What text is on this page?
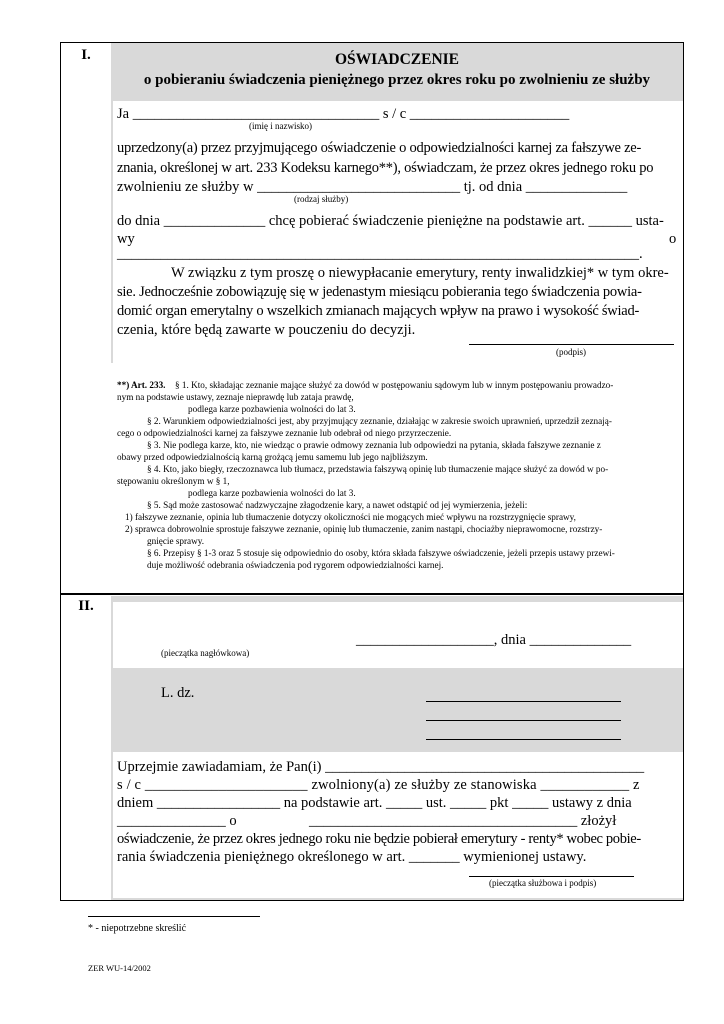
I.	OŚWIADCZENIE
o pobieraniu świadczenia pieniężnego przez okres roku po zwolnieniu ze służby
Ja __________________________________ s / c ______________________
(imię i nazwisko)
uprzedzony(a) przez przyjmującego oświadczenie o odpowiedzialności karnej za fałszywe ze-
znania, określonej w art. 233 Kodeksu karnego**), oświadczam, że przez okres jednego roku po
zwolnieniu ze służby w ____________________________ tj. od dnia ______________
(rodzaj służby)
do dnia ______________ chcę pobierać świadczenie pieniężne na podstawie art. ______ usta-
wy	o
________________________________________________________________________.
W związku z tym proszę o niewypłacanie emerytury, renty inwalidzkiej* w tym okre-
sie. Jednocześnie zobowiązuję się w jedenastym miesiącu pobierania tego świadczenia powia-
domić organ emerytalny o wszelkich zmianach mających wpływ na prawo i wysokość świad-
czenia, które będą zawarte w pouczeniu do decyzji.
(podpis)
**) Art. 233. § 1. Kto, składając zeznanie mające służyć za dowód w postępowaniu sądowym lub w innym postępowaniu prowadzo-
nym na podstawie ustawy, zeznaje nieprawdę lub zataja prawdę,
podlega karze pozbawienia wolności do lat 3.
§ 2. Warunkiem odpowiedzialności jest, aby przyjmujący zeznanie, działając w zakresie swoich uprawnień, uprzedził zeznają-
cego o odpowiedzialności karnej za fałszywe zeznanie lub odebrał od niego przyrzeczenie.
§ 3. Nie podlega karze, kto, nie wiedząc o prawie odmowy zeznania lub odpowiedzi na pytania, składa fałszywe zeznanie z
obawy przed odpowiedzialnością karną grożącą jemu samemu lub jego najbliższym.
§ 4. Kto, jako biegły, rzeczoznawca lub tłumacz, przedstawia fałszywą opinię lub tłumaczenie mające służyć za dowód w po-
stępowaniu określonym w § 1,
podlega karze pozbawienia wolności do lat 3.
§ 5. Sąd może zastosować nadzwyczajne złagodzenie kary, a nawet odstąpić od jej wymierzenia, jeżeli:
1) fałszywe zeznanie, opinia lub tłumaczenie dotyczy okoliczności nie mogących mieć wpływu na rozstrzygnięcie sprawy,
2) sprawca dobrowolnie sprostuje fałszywe zeznanie, opinię lub tłumaczenie, zanim nastąpi, chociażby nieprawomocne, rozstrzy-
gnięcie sprawy.
§ 6. Przepisy § 1-3 oraz 5 stosuje się odpowiednio do osoby, która składa fałszywe oświadczenie, jeżeli przepis ustawy przewi-
duje możliwość odebrania oświadczenia pod rygorem odpowiedzialności karnej.
II.
___________________, dnia ______________
(pieczątka nagłówkowa)
L. dz.
Uprzejmie zawiadamiam, że Pan(i) ____________________________________________
s / c ______________________ zwolniony(a) ze służby ze stanowiska ____________ z
dniem _________________ na podstawie art. _____ ust. _____ pkt _____ ustawy z dnia
_______________ o	_____________________________________ złożył
oświadczenie, że przez okres jednego roku nie będzie pobierał emerytury - renty* wobec pobie-
rania świadczenia pieniężnego określonego w art. _______ wymienionej ustawy.
(pieczątka służbowa i podpis)
* - niepotrzebne skreślić
ZER WU-14/2002
